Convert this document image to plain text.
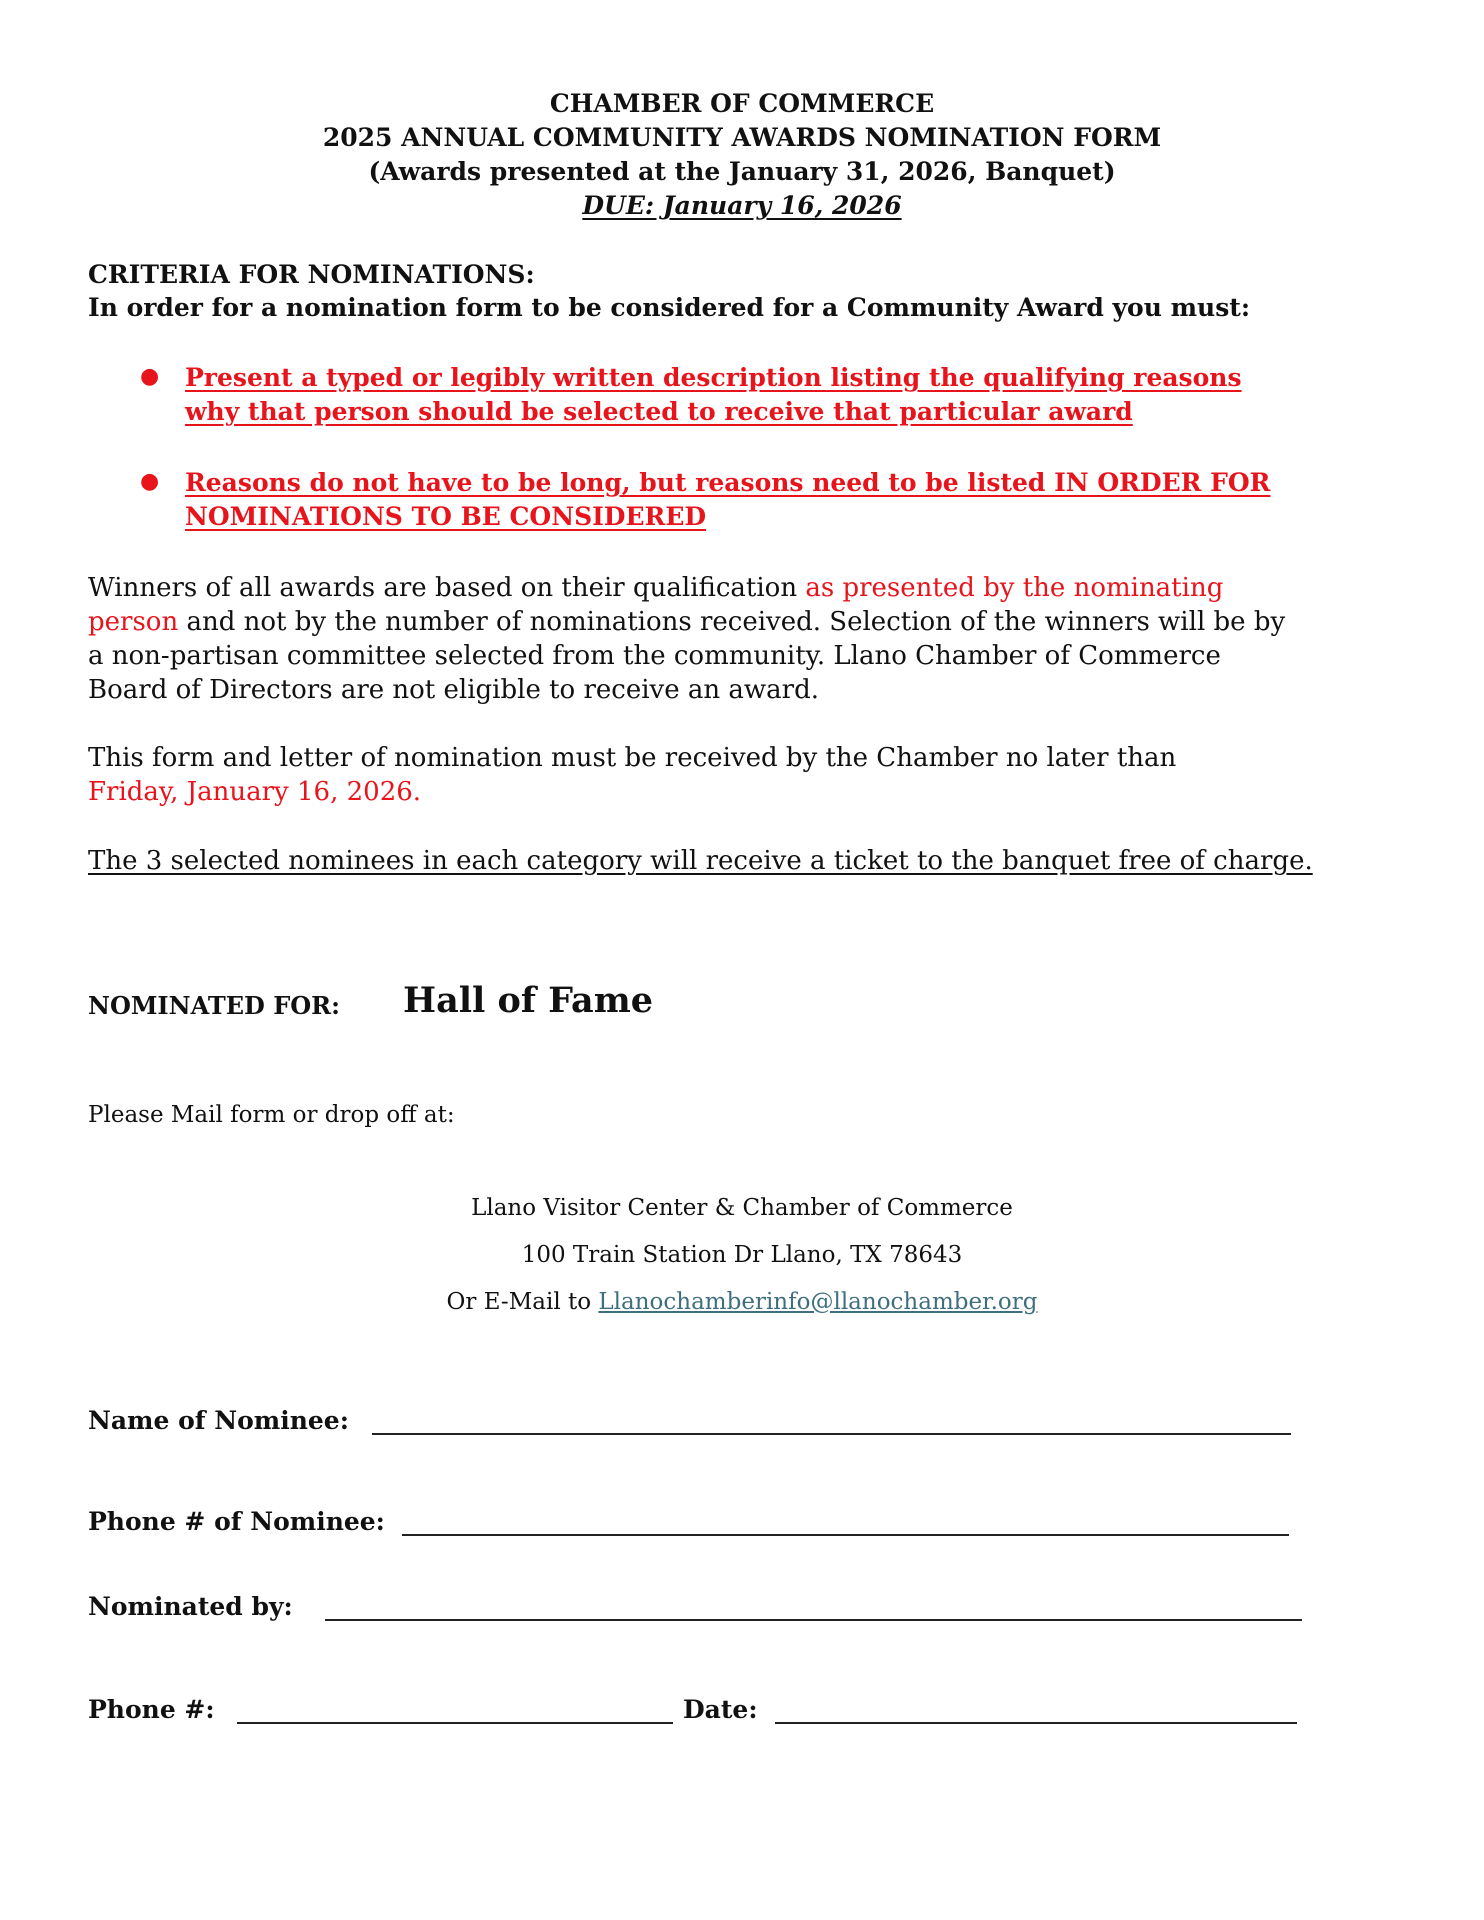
CHAMBER OF COMMERCE
2025 ANNUAL COMMUNITY AWARDS NOMINATION FORM
(Awards presented at the January 31, 2026, Banquet)
DUE: January 16, 2026
CRITERIA FOR NOMINATIONS:
In order for a nomination form to be considered for a Community Award you must:
● Present a typed or legibly written description listing the qualifying reasons
why that person should be selected to receive that particular award
● Reasons do not have to be long, but reasons need to be listed IN ORDER FOR
NOMINATIONS TO BE CONSIDERED
Winners of all awards are based on their qualification as presented by the nominating
person and not by the number of nominations received. Selection of the winners will be by
a non-partisan committee selected from the community. Llano Chamber of Commerce
Board of Directors are not eligible to receive an award.
This form and letter of nomination must be received by the Chamber no later than
Friday, January 16, 2026.
The 3 selected nominees in each category will receive a ticket to the banquet free of charge.
NOMINATED FOR: Hall of Fame
Please Mail form or drop off at:
Llano Visitor Center & Chamber of Commerce
100 Train Station Dr Llano, TX 78643
Or E-Mail to Llanochamberinfo@llanochamber.org
Name of Nominee:
Phone # of Nominee:
Nominated by:
Phone #:	Date:
